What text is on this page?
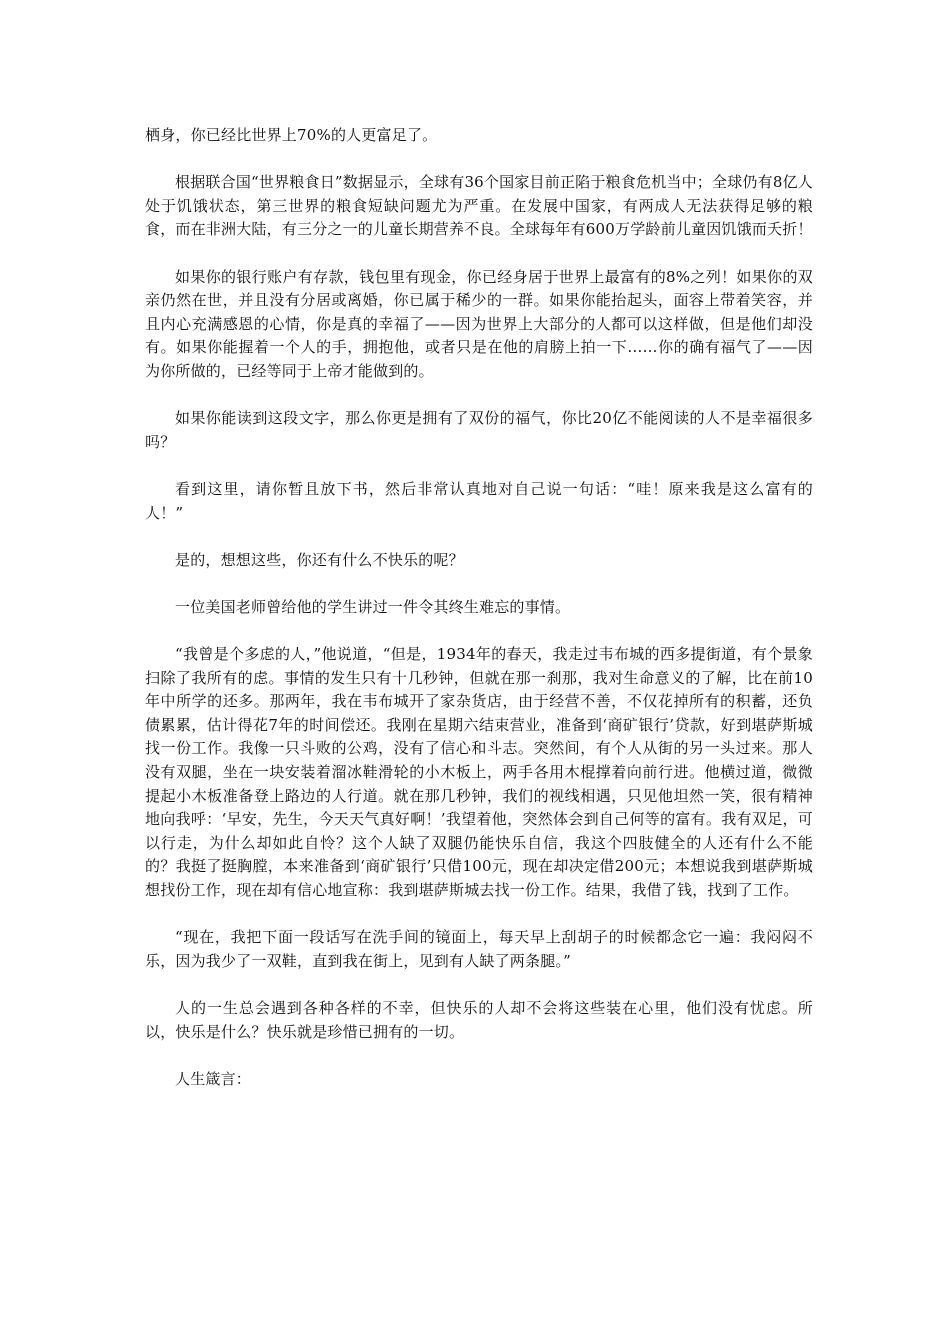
栖身，你已经比世界上70%的人更富足了。

根据联合国“世界粮食日”数据显示，全球有36个国家目前正陷于粮食危机当中；全球仍有8亿人处于饥饿状态，第三世界的粮食短缺问题尤为严重。在发展中国家，有两成人无法获得足够的粮食，而在非洲大陆，有三分之一的儿童长期营养不良。全球每年有600万学龄前儿童因饥饿而夭折！

如果你的银行账户有存款，钱包里有现金，你已经身居于世界上最富有的8%之列！如果你的双亲仍然在世，并且没有分居或离婚，你已属于稀少的一群。如果你能抬起头，面容上带着笑容，并且内心充满感恩的心情，你是真的幸福了——因为世界上大部分的人都可以这样做，但是他们却没有。如果你能握着一个人的手，拥抱他，或者只是在他的肩膀上拍一下……你的确有福气了——因为你所做的，已经等同于上帝才能做到的。

如果你能读到这段文字，那么你更是拥有了双份的福气，你比20亿不能阅读的人不是幸福很多吗？

看到这里，请你暂且放下书，然后非常认真地对自己说一句话：“哇！原来我是这么富有的人！”

是的，想想这些，你还有什么不快乐的呢？

一位美国老师曾给他的学生讲过一件令其终生难忘的事情。

“我曾是个多虑的人，”他说道，“但是，1934年的春天，我走过韦布城的西多提街道，有个景象扫除了我所有的虑。事情的发生只有十几秒钟，但就在那一刹那，我对生命意义的了解，比在前10年中所学的还多。那两年，我在韦布城开了家杂货店，由于经营不善，不仅花掉所有的积蓄，还负债累累，估计得花7年的时间偿还。我刚在星期六结束营业，准备到‘商矿银行’贷款，好到堪萨斯城找一份工作。我像一只斗败的公鸡，没有了信心和斗志。突然间，有个人从街的另一头过来。那人没有双腿，坐在一块安装着溜冰鞋滑轮的小木板上，两手各用木棍撑着向前行进。他横过道，微微提起小木板准备登上路边的人行道。就在那几秒钟，我们的视线相遇，只见他坦然一笑，很有精神地向我呼：‘早安，先生，今天天气真好啊！’我望着他，突然体会到自己何等的富有。我有双足，可以行走，为什么却如此自怜？这个人缺了双腿仍能快乐自信，我这个四肢健全的人还有什么不能的？我挺了挺胸膛，本来准备到‘商矿银行’只借100元，现在却决定借200元；本想说我到堪萨斯城想找份工作，现在却有信心地宣称：我到堪萨斯城去找一份工作。结果，我借了钱，找到了工作。

“现在，我把下面一段话写在洗手间的镜面上，每天早上刮胡子的时候都念它一遍：我闷闷不乐，因为我少了一双鞋，直到我在街上，见到有人缺了两条腿。”

人的一生总会遇到各种各样的不幸，但快乐的人却不会将这些装在心里，他们没有忧虑。所以，快乐是什么？快乐就是珍惜已拥有的一切。

人生箴言：
